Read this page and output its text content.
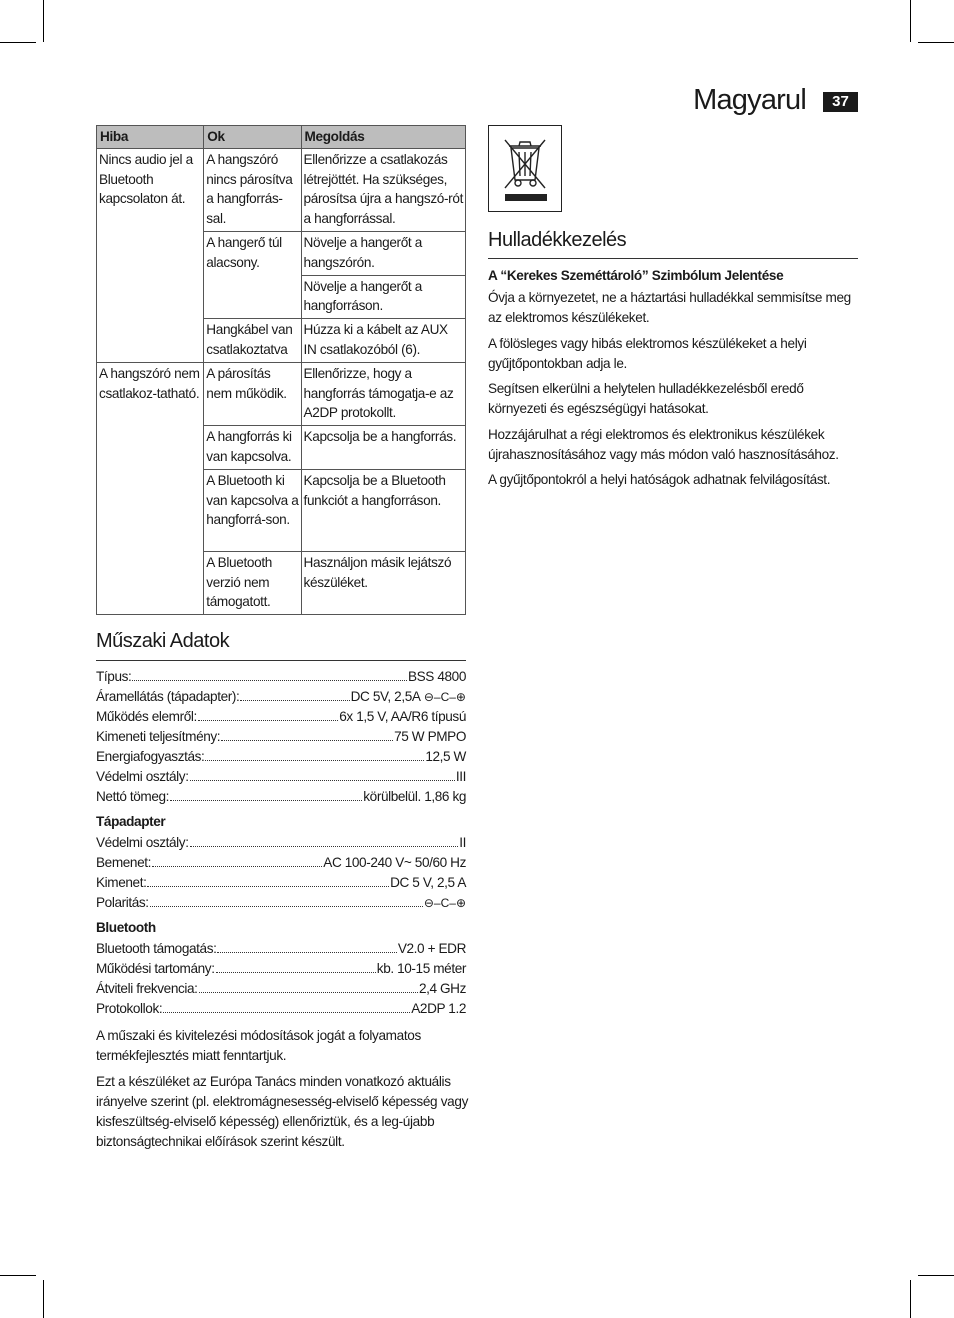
Magyarul	37
Hiba	Ok	Megoldás
Nincs audio jel a Bluetooth kapcsolaton át.	A hangszóró nincs párosítva a hangforrás-sal.	Ellenőrizze a csatlakozás létrejöttét. Ha szükséges, párosítsa újra a hangszó-rót a hangforrással.
	A hangerő túl alacsony.	Növelje a hangerőt a hangszórón.
		Növelje a hangerőt a hangforráson.
	Hangkábel van csatlakoztatva	Húzza ki a kábelt az AUX IN csatlakozóból (6).
A hangszóró nem csatlakoz-tatható.	A párosítás nem működik.	Ellenőrizze, hogy a hangforrás támogatja-e az A2DP protokollt.
	A hangforrás ki van kapcsolva.	Kapcsolja be a hangforrás.
	A Bluetooth ki van kapcsolva a hangforrá-son.	Kapcsolja be a Bluetooth funkciót a hangforráson.
	A Bluetooth verzió nem támogatott.	Használjon másik lejátszó készüléket.
Műszaki Adatok
Típus:	BSS 4800
Áramellátás (tápadapter):	DC 5V, 2,5A ⊖–C–⊕
Működés elemről:	6x 1,5 V, AA/R6 típusú
Kimeneti teljesítmény:	75 W PMPO
Energiafogyasztás:	12,5 W
Védelmi osztály:	III
Nettó tömeg:	körülbelül. 1,86 kg
Tápadapter
Védelmi osztály:	II
Bemenet:	AC 100-240 V~ 50/60 Hz
Kimenet:	DC 5 V, 2,5 A
Polaritás:	⊖–C–⊕
Bluetooth
Bluetooth támogatás:	V2.0 + EDR
Működési tartomány:	kb. 10-15 méter
Átviteli frekvencia:	2,4 GHz
Protokollok:	A2DP 1.2

A műszaki és kivitelezési módosítások jogát a folyamatos termékfejlesztés miatt fenntartjuk.

Ezt a készüléket az Európa Tanács minden vonatkozó aktuális irányelve szerint (pl. elektromágnesesség-elviselő képesség vagy kisfeszültség-elviselő képesség) ellenőriztük, és a leg-újabb biztonságtechnikai előírások szerint készült.

Hulladékkezelés

A “Kerekes Szeméttároló” Szimbólum Jelentése

Óvja a környezetet, ne a háztartási hulladékkal semmisítse meg az elektromos készülékeket.

A fölösleges vagy hibás elektromos készülékeket a helyi gyűjtőpontokban adja le.

Segítsen elkerülni a helytelen hulladékkezelésből eredő környezeti és egészségügyi hatásokat.

Hozzájárulhat a régi elektromos és elektronikus készülékek újrahasznosításához vagy más módon való hasznosításához.

A gyűjtőpontokról a helyi hatóságok adhatnak felvilágosítást.
